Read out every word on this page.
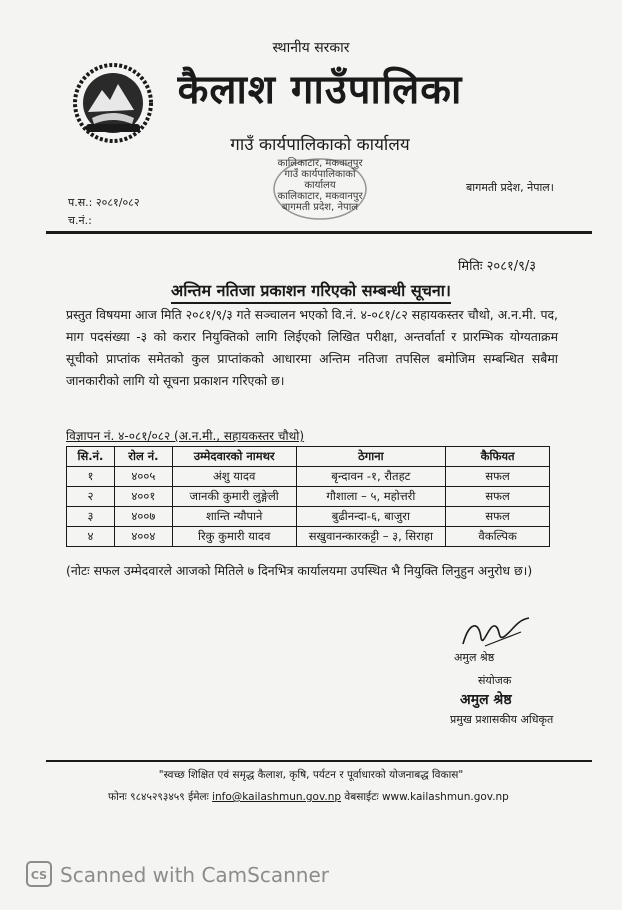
स्थानीय सरकार
कैलाश गाउँपालिका
गाउँ कार्यपालिकाको कार्यालय
कालिकाटार, मकवानपुर
गाउँ कार्यपालिकाको कार्यालय
कालिकाटार, मकवानपुर
बागमती प्रदेश, नेपाल
बागमती प्रदेश, नेपाल।
प.स.: २०८१/०८२
च.नं.:
मितिः २०८१/९/३
अन्तिम नतिजा प्रकाशन गरिएको सम्बन्धी सूचना।
प्रस्तुत विषयमा आज मिति २०८१/९/३ गते सञ्चालन भएको वि.नं. ४-०८१/८२ सहायकस्तर चौथो, अ.न.मी. पद, माग पदसंख्या -३ को करार नियुक्तिको लागि लिईएको लिखित परीक्षा, अन्तर्वार्ता र प्रारम्भिक योग्यताक्रम सूचीको प्राप्तांक समेतको कुल प्राप्तांकको आधारमा अन्तिम नतिजा तपसिल बमोजिम सम्बन्धित सबैमा जानकारीको लागि यो सूचना प्रकाशन गरिएको छ।
विज्ञापन नं. ४-०८१/०८२ (अ.न.मी., सहायकस्तर चौथो)
सि.नं.	रोल नं.	उम्मेदवारको नामथर	ठेगाना	कैफियत
१	४००५	अंशु यादव	बृन्दावन -१, रौतहट	सफल
२	४००१	जानकी कुमारी लुङ्गेली	गौशाला – ५, महोत्तरी	सफल
३	४००७	शान्ति न्यौपाने	बुढीनन्दा-६, बाजुरा	सफल
४	४००४	रिकु कुमारी यादव	सखुवानन्कारकट्टी – ३, सिराहा	वैकल्पिक
(नोटः सफल उम्मेदवारले आजको मितिले ७ दिनभित्र कार्यालयमा उपस्थित भै नियुक्ति लिनुहुन अनुरोध छ।)
अमुल श्रेष्ठ
संयोजक
अमुल श्रेष्ठ
प्रमुख प्रशासकीय अधिकृत
"स्वच्छ शिक्षित एवं समृद्ध कैलाश, कृषि, पर्यटन र पूर्वाधारको योजनाबद्ध विकास"
फोनः ९८४५२९३४५९ ईमेलः info@kailashmun.gov.np वेबसाईटः www.kailashmun.gov.np
CS Scanned with CamScanner
